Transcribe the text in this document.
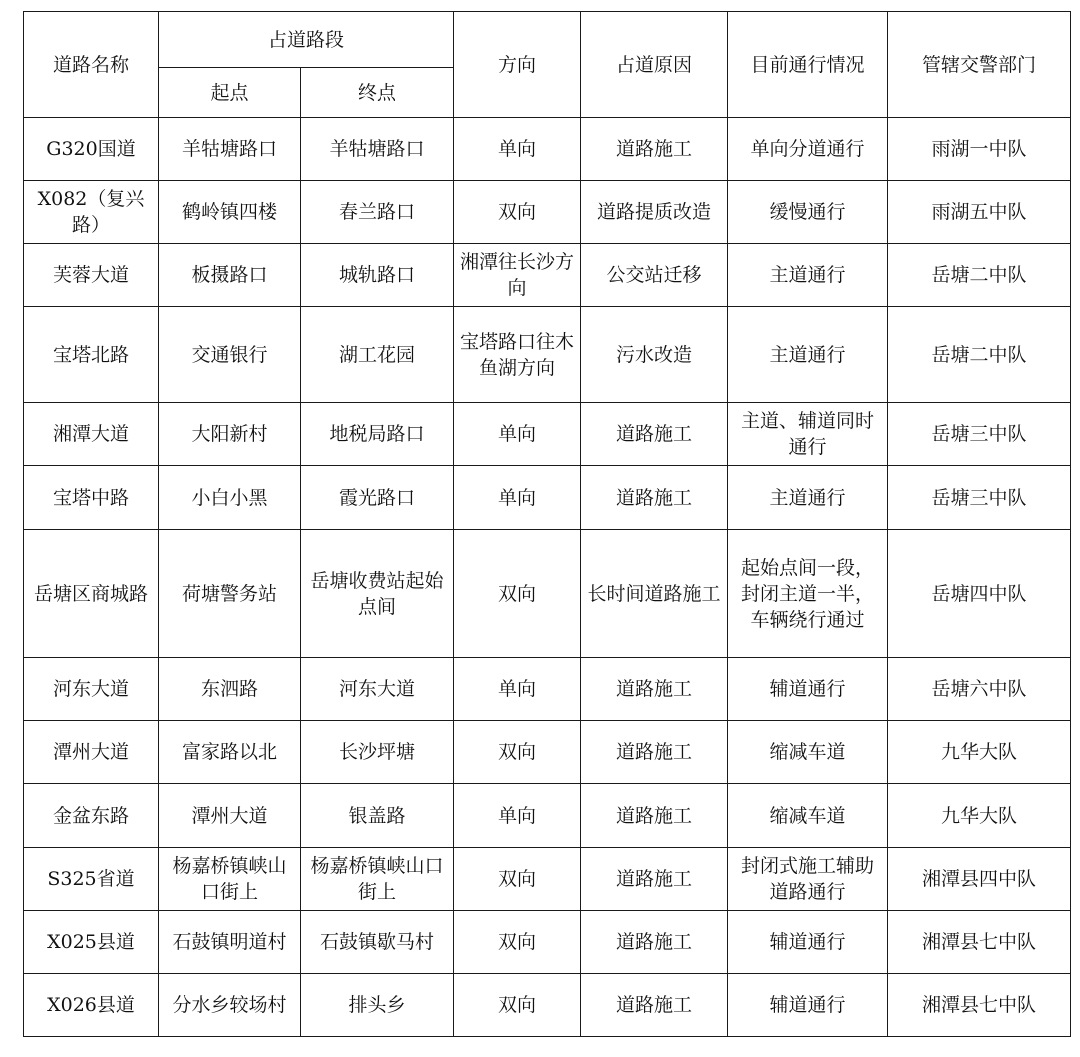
道路名称	占道路段		方向	占道原因	目前通行情况	管辖交警部门
	起点	终点				
G320国道	羊牯塘路口	羊牯塘路口	单向	道路施工	单向分道通行	雨湖一中队
X082（复兴路）	鹤岭镇四楼	春兰路口	双向	道路提质改造	缓慢通行	雨湖五中队
芙蓉大道	板摄路口	城轨路口	湘潭往长沙方向	公交站迁移	主道通行	岳塘二中队
宝塔北路	交通银行	湖工花园	宝塔路口往木鱼湖方向	污水改造	主道通行	岳塘二中队
湘潭大道	大阳新村	地税局路口	单向	道路施工	主道、辅道同时通行	岳塘三中队
宝塔中路	小白小黑	霞光路口	单向	道路施工	主道通行	岳塘三中队
岳塘区商城路	荷塘警务站	岳塘收费站起始点间	双向	长时间道路施工	起始点间一段，封闭主道一半，车辆绕行通过	岳塘四中队
河东大道	东泗路	河东大道	单向	道路施工	辅道通行	岳塘六中队
潭州大道	富家路以北	长沙坪塘	双向	道路施工	缩减车道	九华大队
金盆东路	潭州大道	银盖路	单向	道路施工	缩减车道	九华大队
S325省道	杨嘉桥镇峡山口街上	杨嘉桥镇峡山口街上	双向	道路施工	封闭式施工辅助道路通行	湘潭县四中队
X025县道	石鼓镇明道村	石鼓镇歇马村	双向	道路施工	辅道通行	湘潭县七中队
X026县道	分水乡较场村	排头乡	双向	道路施工	辅道通行	湘潭县七中队
